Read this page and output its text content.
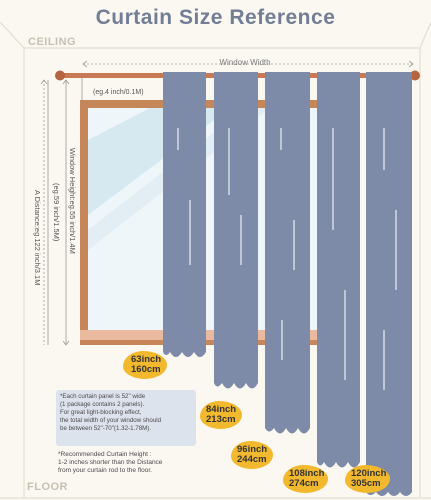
Curtain Size Reference
CEILING
FLOOR
Window Width
(eg.4 inch/0.1M)
Window Height:eg.55 inch/1.4M
(eg.59 inch/1.5M)
A Distance:eg.122 inch/3.1M
63inch
160cm
84inch
213cm
96inch
244cm
108inch
274cm
120inch
305cm
*Each curtain panel is 52" wide
(1 package contains 2 panels).
For great light-blocking effect,
the total width of your window should
be between 52"-70"(1.32-1.78M).
*Recommended Curtain Height :
1-2 inches shorter than the Distance
from your curtain rod to the floor.
